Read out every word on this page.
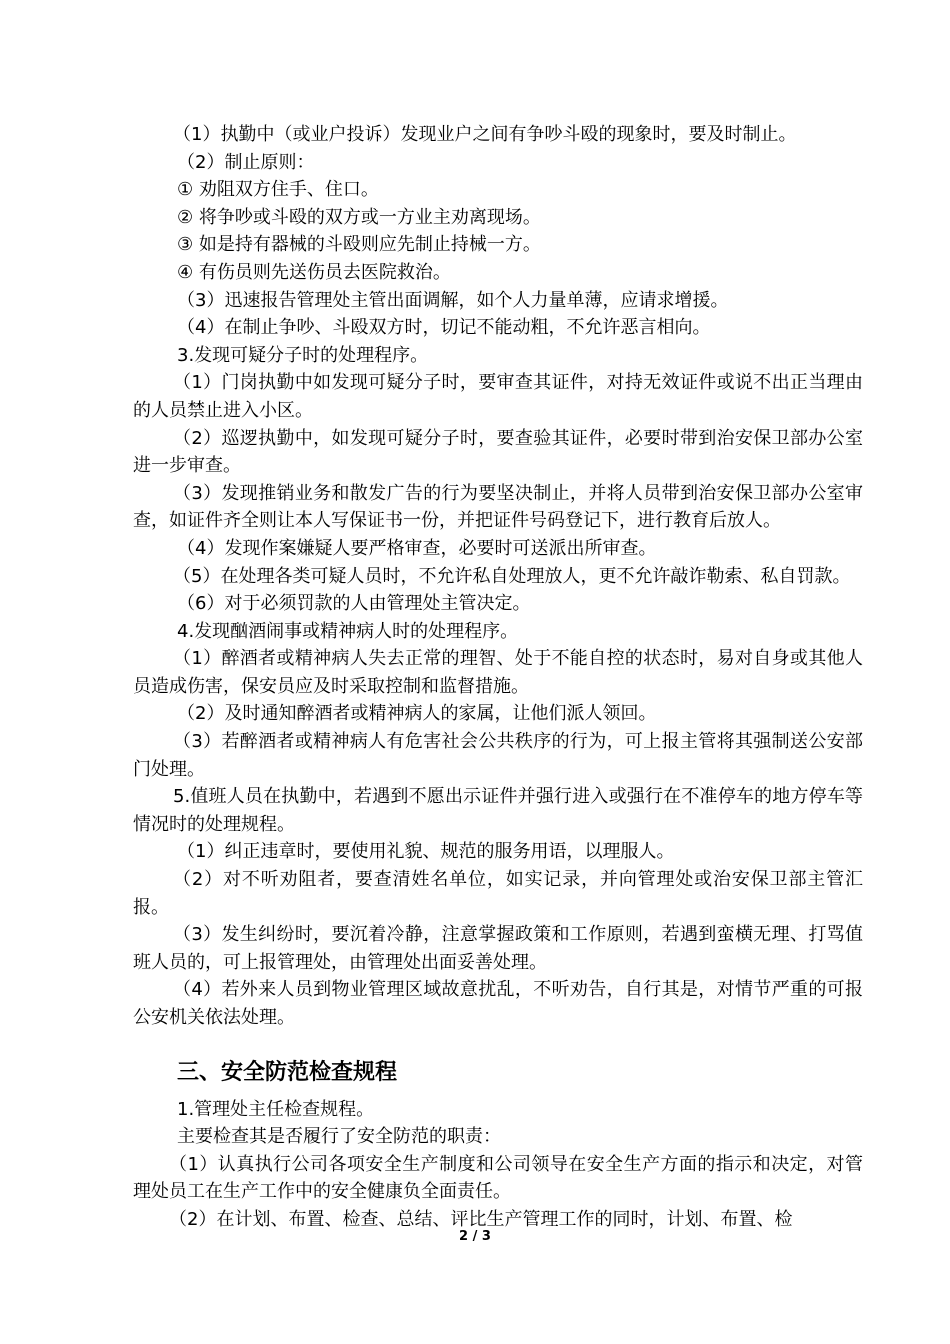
（1）执勤中（或业户投诉）发现业户之间有争吵斗殴的现象时，要及时制止。

（2）制止原则：

① 劝阻双方住手、住口。

② 将争吵或斗殴的双方或一方业主劝离现场。

③ 如是持有器械的斗殴则应先制止持械一方。

④ 有伤员则先送伤员去医院救治。

（3）迅速报告管理处主管出面调解，如个人力量单薄，应请求增援。

（4）在制止争吵、斗殴双方时，切记不能动粗，不允许恶言相向。

3.发现可疑分子时的处理程序。

（1）门岗执勤中如发现可疑分子时，要审查其证件，对持无效证件或说不出正当理由的人员禁止进入小区。

（2）巡逻执勤中，如发现可疑分子时，要查验其证件，必要时带到治安保卫部办公室进一步审查。

（3）发现推销业务和散发广告的行为要坚决制止，并将人员带到治安保卫部办公室审查，如证件齐全则让本人写保证书一份，并把证件号码登记下，进行教育后放人。

（4）发现作案嫌疑人要严格审查，必要时可送派出所审查。

（5）在处理各类可疑人员时，不允许私自处理放人，更不允许敲诈勒索、私自罚款。

（6）对于必须罚款的人由管理处主管决定。

4.发现酗酒闹事或精神病人时的处理程序。

（1）醉酒者或精神病人失去正常的理智、处于不能自控的状态时，易对自身或其他人员造成伤害，保安员应及时采取控制和监督措施。

（2）及时通知醉酒者或精神病人的家属，让他们派人领回。

（3）若醉酒者或精神病人有危害社会公共秩序的行为，可上报主管将其强制送公安部门处理。

5.值班人员在执勤中，若遇到不愿出示证件并强行进入或强行在不准停车的地方停车等情况时的处理规程。

（1）纠正违章时，要使用礼貌、规范的服务用语，以理服人。

（2）对不听劝阻者，要查清姓名单位，如实记录，并向管理处或治安保卫部主管汇报。

（3）发生纠纷时，要沉着冷静，注意掌握政策和工作原则，若遇到蛮横无理、打骂值班人员的，可上报管理处，由管理处出面妥善处理。

（4）若外来人员到物业管理区域故意扰乱，不听劝告，自行其是，对情节严重的可报公安机关依法处理。

三、安全防范检查规程

1.管理处主任检查规程。

主要检查其是否履行了安全防范的职责：

（1）认真执行公司各项安全生产制度和公司领导在安全生产方面的指示和决定，对管理处员工在生产工作中的安全健康负全面责任。

（2）在计划、布置、检查、总结、评比生产管理工作的同时，计划、布置、检

2 / 3
